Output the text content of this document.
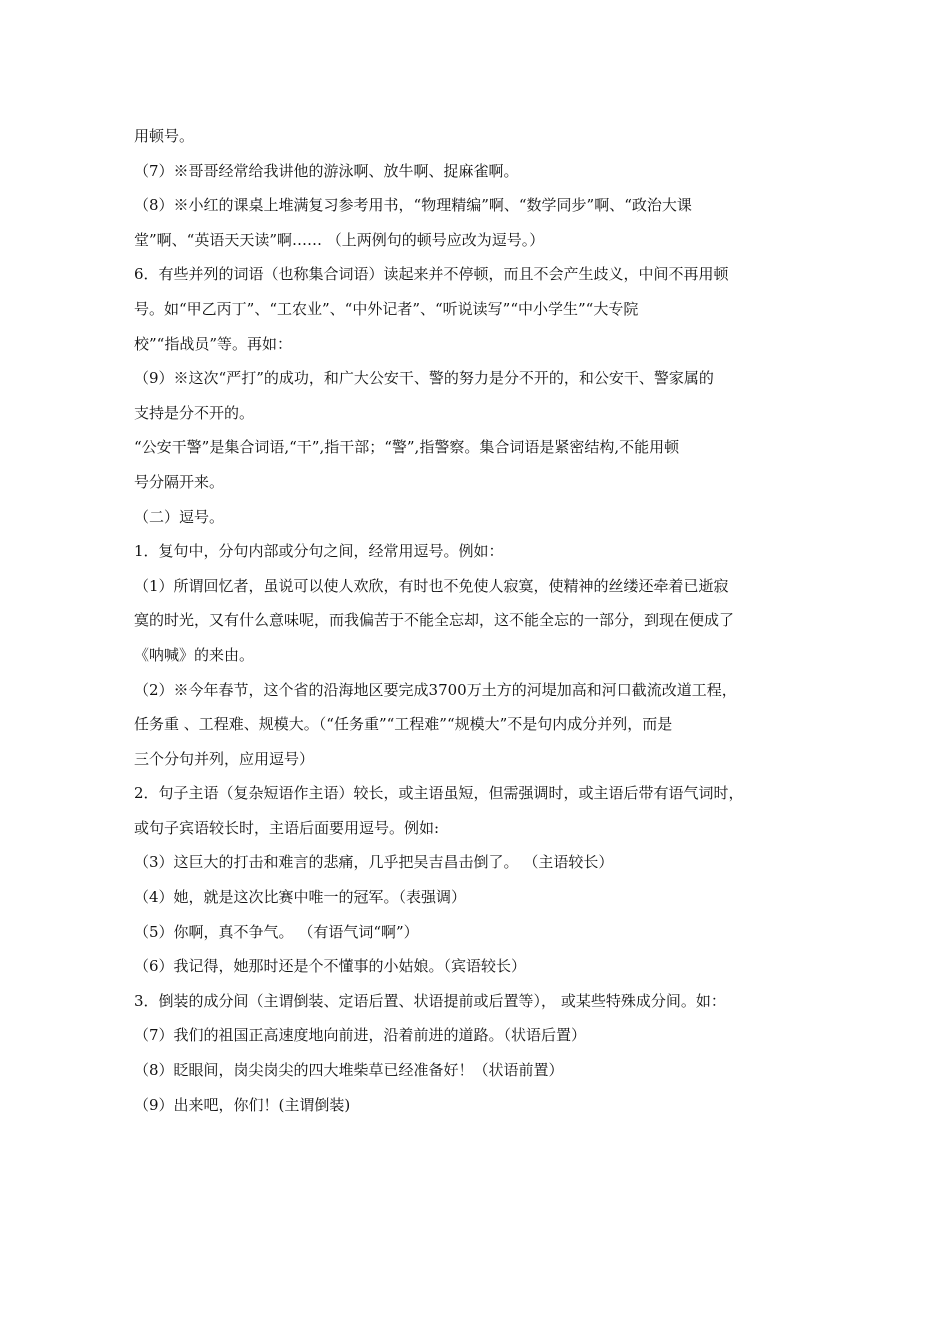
用顿号。
（7）※哥哥经常给我讲他的游泳啊、放牛啊、捉麻雀啊。
（8）※小红的课桌上堆满复习参考用书，“物理精编”啊、“数学同步”啊、“政治大课
堂”啊、“英语天天读”啊…… （上两例句的顿号应改为逗号。）
6．有些并列的词语（也称集合词语）读起来并不停顿，而且不会产生歧义，中间不再用顿
号。如“甲乙丙丁”、“工农业”、“中外记者”、“听说读写”“中小学生”“大专院
校”“指战员”等。再如：
（9）※这次“严打”的成功，和广大公安干、警的努力是分不开的，和公安干、警家属的
支持是分不开的。
“公安干警”是集合词语,“干”,指干部；“警”,指警察。集合词语是紧密结构,不能用顿
号分隔开来。
（二）逗号。
1．复句中，分句内部或分句之间，经常用逗号。例如：
（1）所谓回忆者，虽说可以使人欢欣，有时也不免使人寂寞，使精神的丝缕还牵着已逝寂
寞的时光，又有什么意味呢，而我偏苦于不能全忘却，这不能全忘的一部分，到现在便成了
《呐喊》的来由。
（2）※今年春节，这个省的沿海地区要完成3700万土方的河堤加高和河口截流改道工程，
任务重 、工程难、规模大。（“任务重”“工程难”“规模大”不是句内成分并列，而是
三个分句并列，应用逗号）
2．句子主语（复杂短语作主语）较长，或主语虽短，但需强调时，或主语后带有语气词时，
或句子宾语较长时，主语后面要用逗号。例如:
（3）这巨大的打击和难言的悲痛，几乎把吴吉昌击倒了。 （主语较长）
（4）她，就是这次比赛中唯一的冠军。（表强调）
（5）你啊，真不争气。 （有语气词“啊”）
（6）我记得，她那时还是个不懂事的小姑娘。（宾语较长）
3．倒装的成分间（主谓倒装、定语后置、状语提前或后置等）， 或某些特殊成分间。如：
（7）我们的祖国正高速度地向前进，沿着前进的道路。（状语后置）
（8）眨眼间，岗尖岗尖的四大堆柴草已经准备好！（状语前置）
（9）出来吧，你们！(主谓倒装)
